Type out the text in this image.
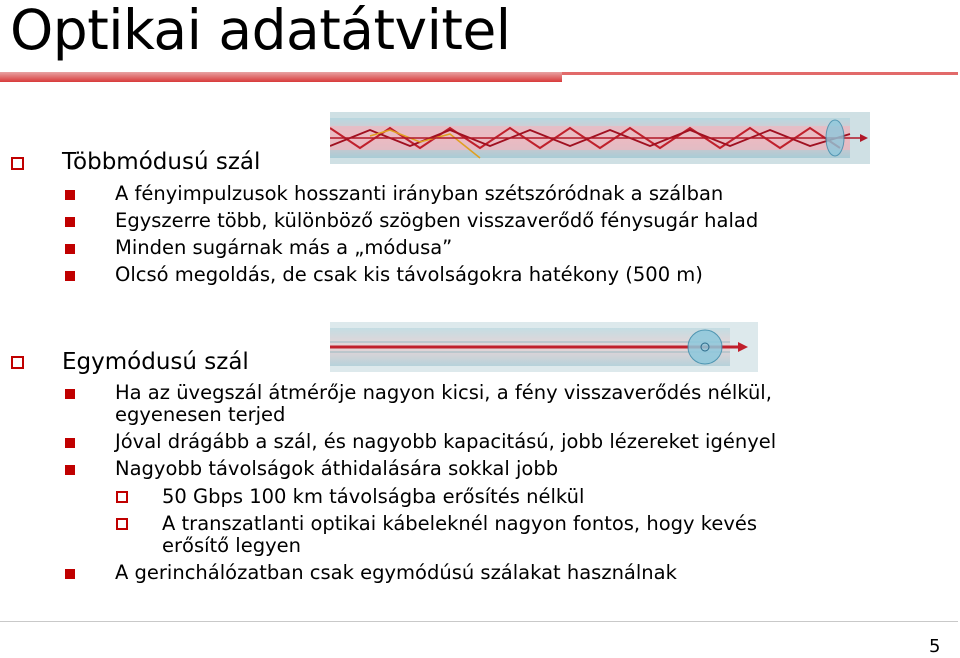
Optikai adatátvitel
Többmódusú szál
A fényimpulzusok hosszanti irányban szétszóródnak a szálban
Egyszerre több, különböző szögben visszaverődő fénysugár halad
Minden sugárnak más a „módusa”
Olcsó megoldás, de csak kis távolságokra hatékony (500 m)
Egymódusú szál
Ha az üvegszál átmérője nagyon kicsi, a fény visszaverődés nélkül,
egyenesen terjed
Jóval drágább a szál, és nagyobb kapacitású, jobb lézereket igényel
Nagyobb távolságok áthidalására sokkal jobb
50 Gbps 100 km távolságba erősítés nélkül
A transzatlanti optikai kábeleknél nagyon fontos, hogy kevés
erősítő legyen
A gerinchálózatban csak egymódúsú szálakat használnak
5
